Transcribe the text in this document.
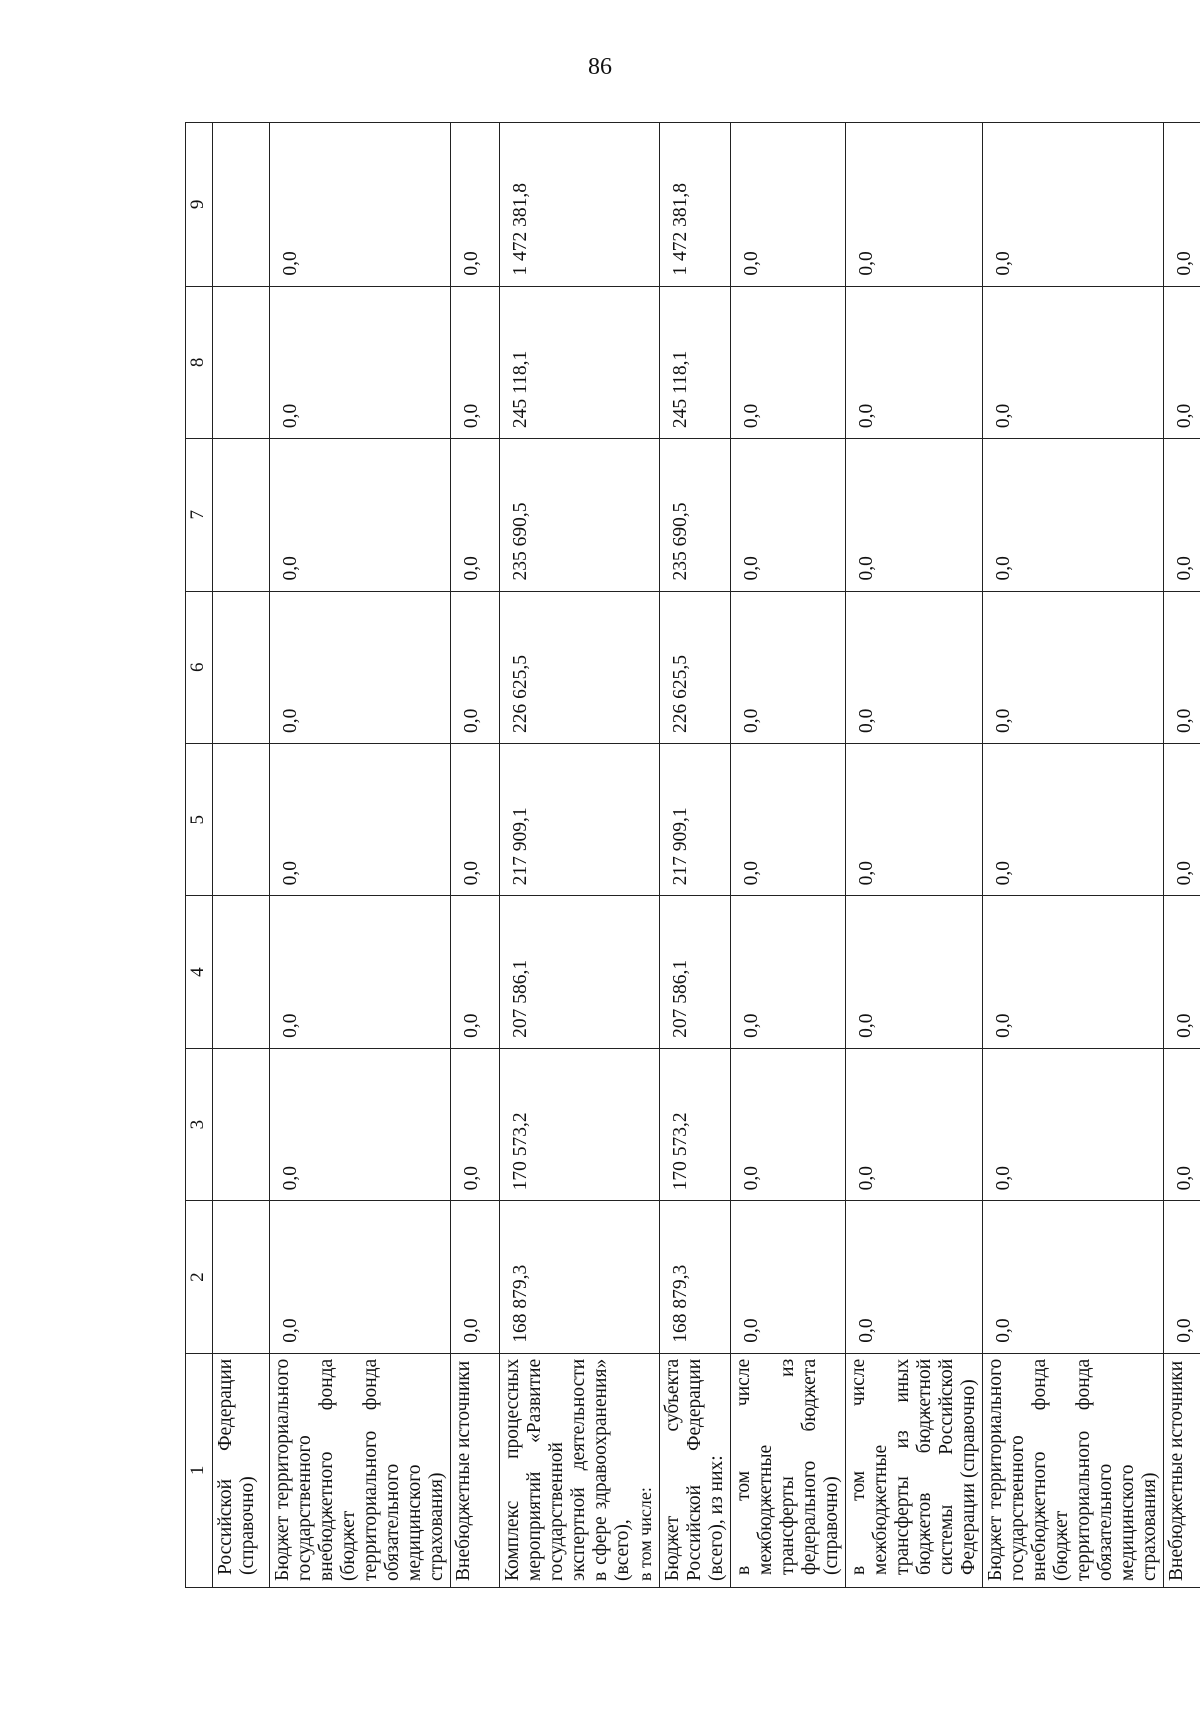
86
1	2	3	4	5	6	7	8	9
Российской Федерации (справочно)								
Бюджет территориального государственного внебюджетного фонда (бюджет территориального фонда обязательного медицинского страхования)	0,0	0,0	0,0	0,0	0,0	0,0	0,0	0,0
Внебюджетные источники	0,0	0,0	0,0	0,0	0,0	0,0	0,0	0,0
Комплекс процессных мероприятий «Развитие государственной экспертной деятельности в сфере здравоохранения» (всего), в том числе:	168 879,3	170 573,2	207 586,1	217 909,1	226 625,5	235 690,5	245 118,1	1 472 381,8
Бюджет субъекта Российской Федерации (всего), из них:	168 879,3	170 573,2	207 586,1	217 909,1	226 625,5	235 690,5	245 118,1	1 472 381,8
в том числе межбюджетные трансферты из федерального бюджета (справочно)	0,0	0,0	0,0	0,0	0,0	0,0	0,0	0,0
в том числе межбюджетные трансферты из иных бюджетов бюджетной системы Российской Федерации (справочно)	0,0	0,0	0,0	0,0	0,0	0,0	0,0	0,0
Бюджет территориального государственного внебюджетного фонда (бюджет территориального фонда обязательного медицинского страхования)	0,0	0,0	0,0	0,0	0,0	0,0	0,0	0,0
Внебюджетные источники	0,0	0,0	0,0	0,0	0,0	0,0	0,0	0,0
